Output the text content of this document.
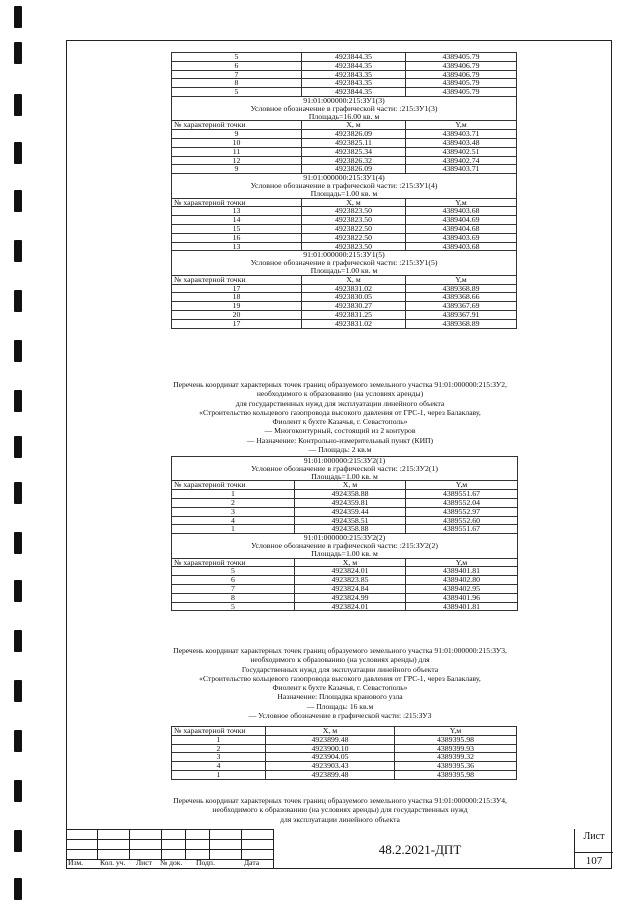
5	4923844.35	4389405.79
6	4923844.35	4389406.79
7	4923843.35	4389406.79
8	4923843.35	4389405.79
5	4923844.35	4389405.79
91:01:000000:215:ЗУ1(3)		
Условное обозначение в графической части: :215:ЗУ1(3)		
Площадь=16.00 кв. м		
№ характерной точки	X, м	Y,м
9	4923826.09	4389403.71
10	4923825.11	4389403.48
11	4923825.34	4389402.51
12	4923826.32	4389402.74
9	4923826.09	4389403.71
91:01:000000:215:ЗУ1(4)		
Условное обозначение в графической части: :215:ЗУ1(4)		
Площадь=1.00 кв. м		
№ характерной точки	X, м	Y,м
13	4923823.50	4389403.68
14	4923823.50	4389404.69
15	4923822.50	4389404.68
16	4923822.50	4389403.69
13	4923823.50	4389403.68
91:01:000000:215:ЗУ1(5)		
Условное обозначение в графической части: :215:ЗУ1(5)		
Площадь=1.00 кв. м		
№ характерной точки	X, м	Y,м
17	4923831.02	4389368.89
18	4923830.05	4389368.66
19	4923830.27	4389367.69
20	4923831.25	4389367.91
17	4923831.02	4389368.89
Перечень координат характерных точек границ образуемого земельного участка 91:01:000000:215:ЗУ2,
необходимого к образованию (на условиях аренды)
для государственных нужд для эксплуатации линейного объекта
«Строительство кольцевого газопровода высокого давления от ГРС-1, через Балаклаву,
Фиолент к бухте Казачья, г. Севастополь»
— Многоконтурный, состоящий из 2 контуров
— Назначение: Контрольно-измерительный пункт (КИП)
— Площадь: 2 кв.м
91:01:000000:215:ЗУ2(1)		
Условное обозначение в графической части: :215:ЗУ2(1)		
Площадь=1.00 кв. м		
№ характерной точки	X, м	Y,м
1	4924358.88	4389551.67
2	4924359.81	4389552.04
3	4924359.44	4389552.97
4	4924358.51	4389552.60
1	4924358.88	4389551.67
91:01:000000:215:ЗУ2(2)		
Условное обозначение в графической части: :215:ЗУ2(2)		
Площадь=1.00 кв. м		
№ характерной точки	X, м	Y,м
5	4923824.01	4389401.81
6	4923823.85	4389402.80
7	4923824.84	4389402.95
8	4923824.99	4389401.96
5	4923824.01	4389401.81
Перечень координат характерных точек границ образуемого земельного участка 91:01:000000:215:ЗУ3,
необходимого к образованию (на условиях аренды) для
Государственных нужд для эксплуатации линейного объекта
«Строительство кольцевого газопровода высокого давления от ГРС-1, через Балаклаву,
Фиолент к бухте Казачья, г. Севастополь»
Назначение: Площадка кранового узла
— Площадь: 16 кв.м
— Условное обозначение в графической части: :215:ЗУ3
№ характерной точки	X, м	Y,м
1	4923899.48	4389395.98
2	4923900.10	4389399.93
3	4923904.05	4389399.32
4	4923903.43	4389395.36
1	4923899.48	4389395.98
Перечень координат характерных точек границ образуемого земельного участка 91:01:000000:215:ЗУ4,
необходимого к образованию (на условиях аренды) для государственных нужд
для эксплуатации линейного объекта
Изм. Кол. уч. Лист № док. Подп.	Дата
48.2.2021-ДПТ
Лист
107
